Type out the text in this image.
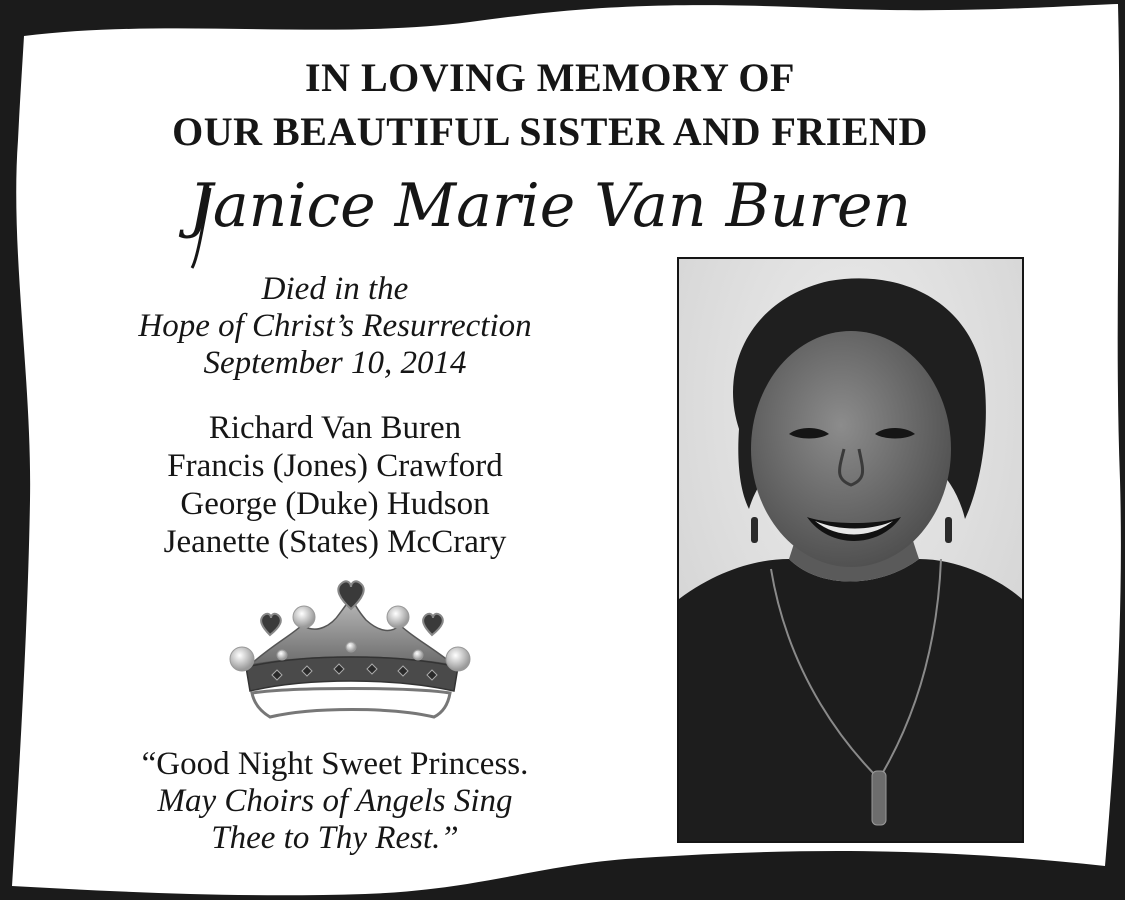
IN LOVING MEMORY OF
OUR BEAUTIFUL SISTER AND FRIEND
Janice Marie Van Buren
Died in the
Hope of Christ’s Resurrection
September 10, 2014
Richard Van Buren
Francis (Jones) Crawford
George (Duke) Hudson
Jeanette (States) McCrary
“Good Night Sweet Princess.
May Choirs of Angels Sing
Thee to Thy Rest.”
